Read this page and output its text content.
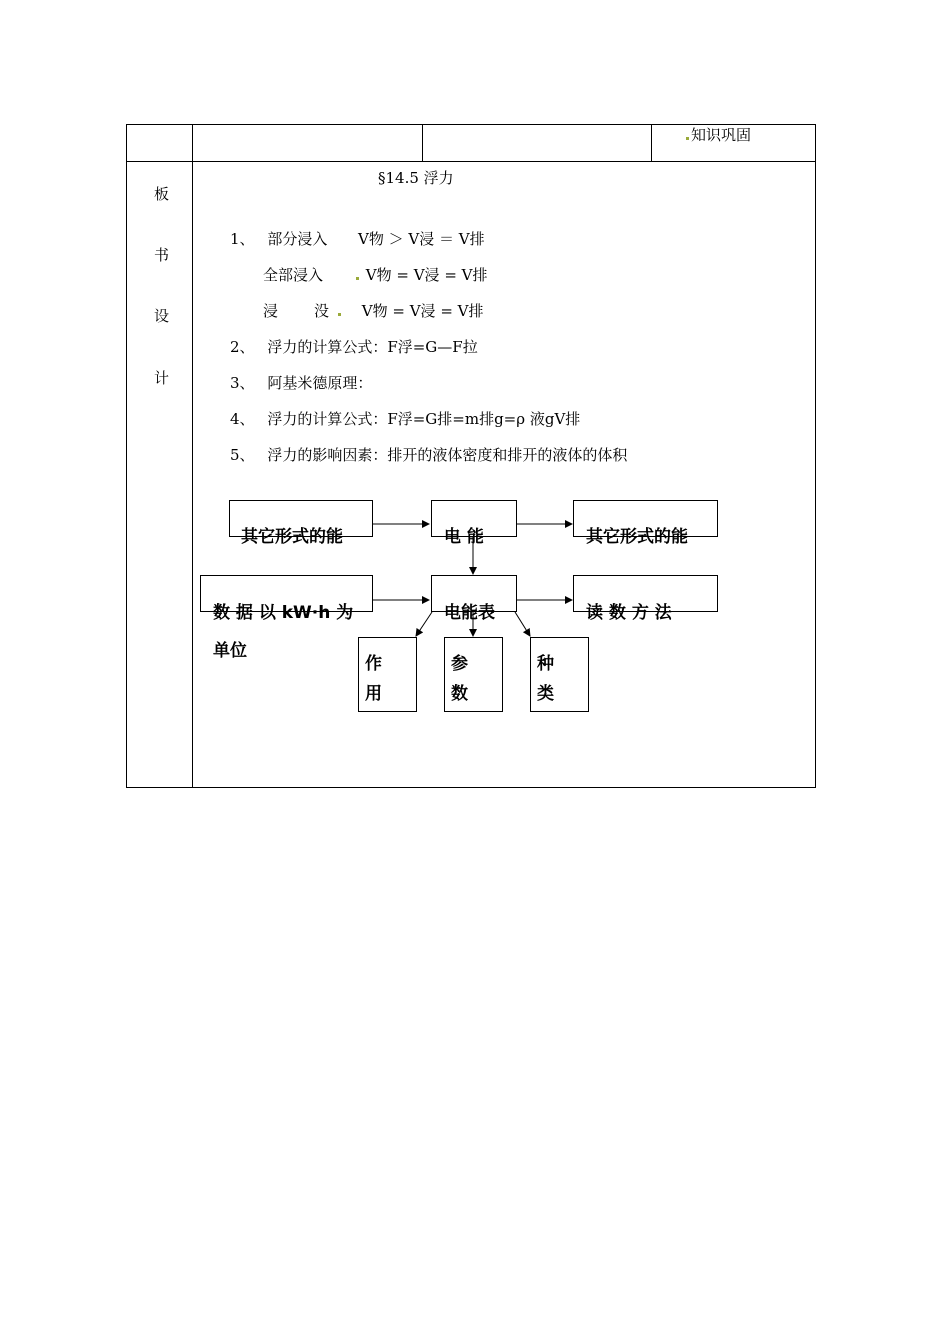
知识巩固
板
书
设
计
§14.5 浮力
1、 部分浸入 V物 ＞ V浸 ＝ V排
全部浸入	V物 = V浸 = V排
浸 没	V物 = V浸 = V排
2、 浮力的计算公式：F浮=G—F拉
3、 阿基米德原理：
4、 浮力的计算公式：F浮=G排=m排g=ρ 液gV排
5、 浮力的影响因素：排开的液体密度和排开的液体的体积
其它形式的能	电 能	其它形式的能
数 据 以 kW·h 为
单位
电能表	读 数 方 法
作
用
参
数
种
类
